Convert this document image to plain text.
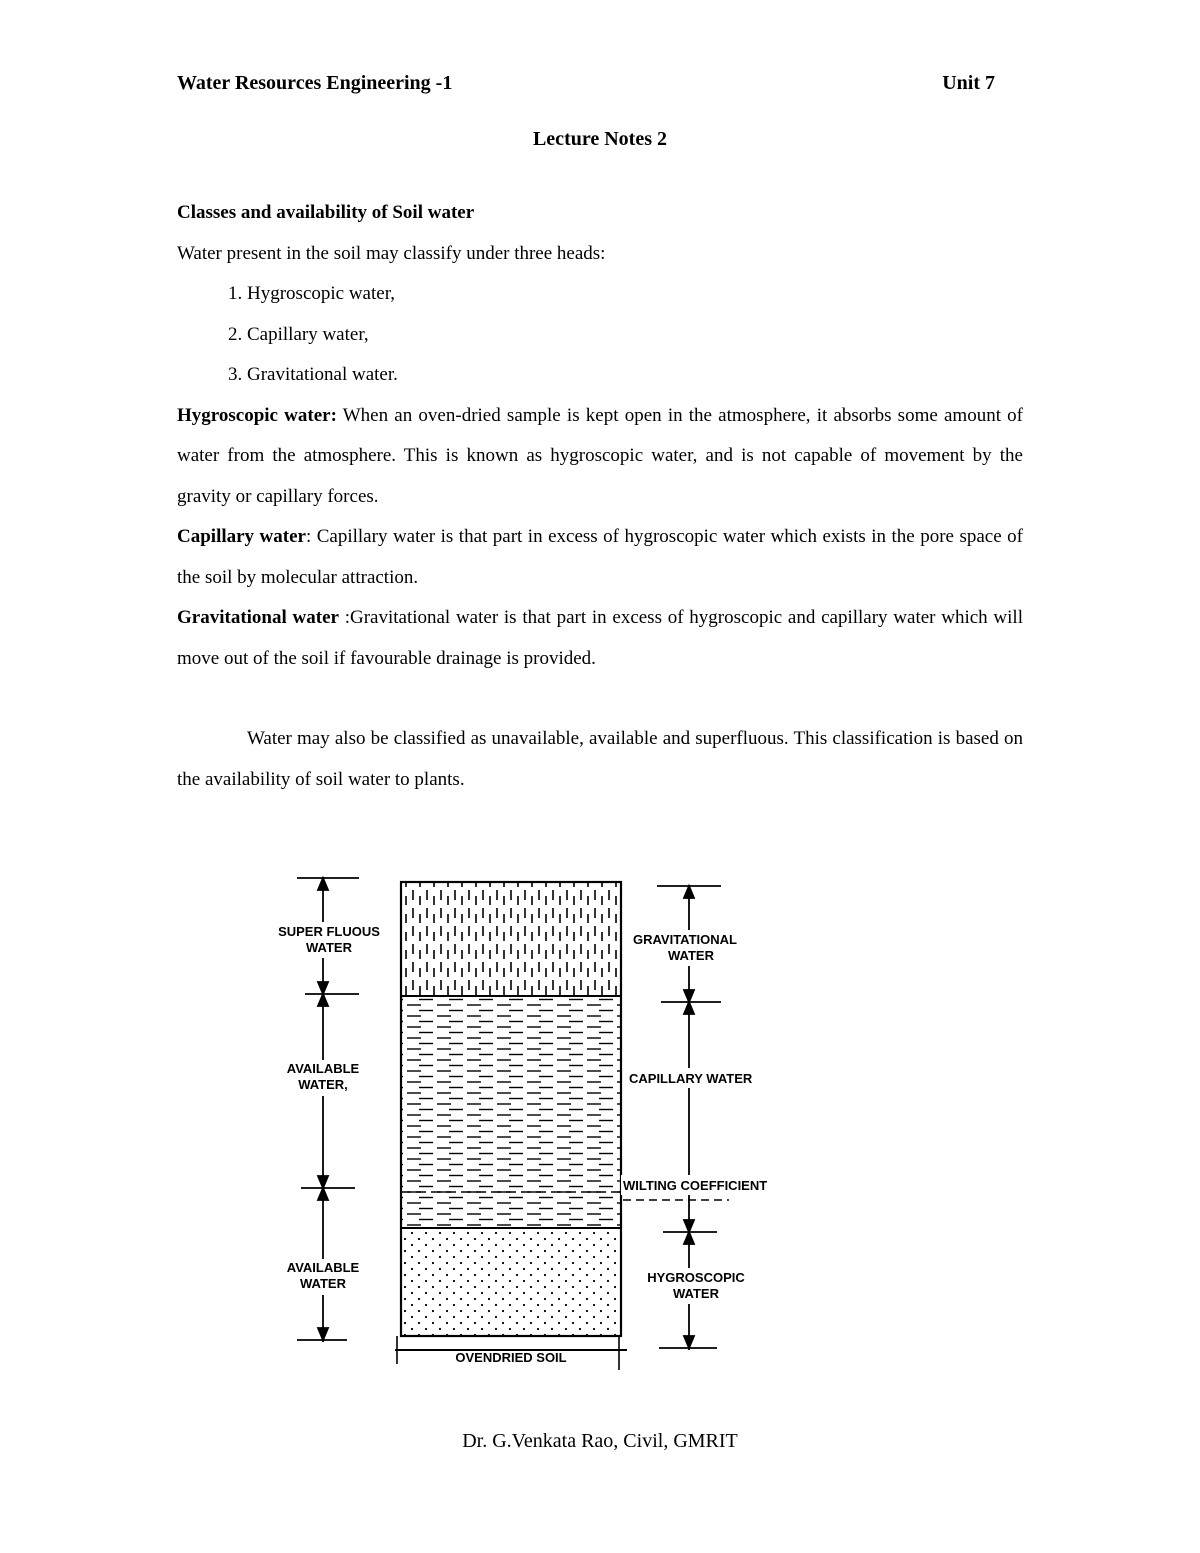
Water Resources Engineering -1	Unit 7
Lecture Notes 2

Classes and availability of Soil water

Water present in the soil may classify under three heads:

1. Hygroscopic water,
2. Capillary water,
3. Gravitational water.

Hygroscopic water: When an oven-dried sample is kept open in the atmosphere, it absorbs some amount of water from the atmosphere. This is known as hygroscopic water, and is not capable of movement by the gravity or capillary forces.

Capillary water: Capillary water is that part in excess of hygroscopic water which exists in the pore space of the soil by molecular attraction.

Gravitational water :Gravitational water is that part in excess of hygroscopic and capillary water which will move out of the soil if favourable drainage is provided.

Water may also be classified as unavailable, available and superfluous. This classification is based on the availability of soil water to plants.

OVENDRIED SOIL
SUPER FLUOUS
WATER
AVAILABLE
WATER,
AVAILABLE
WATER
GRAVITATIONAL
WATER
CAPILLARY WATER
WILTING COEFFICIENT
HYGROSCOPIC
WATER
Dr. G.Venkata Rao, Civil, GMRIT
